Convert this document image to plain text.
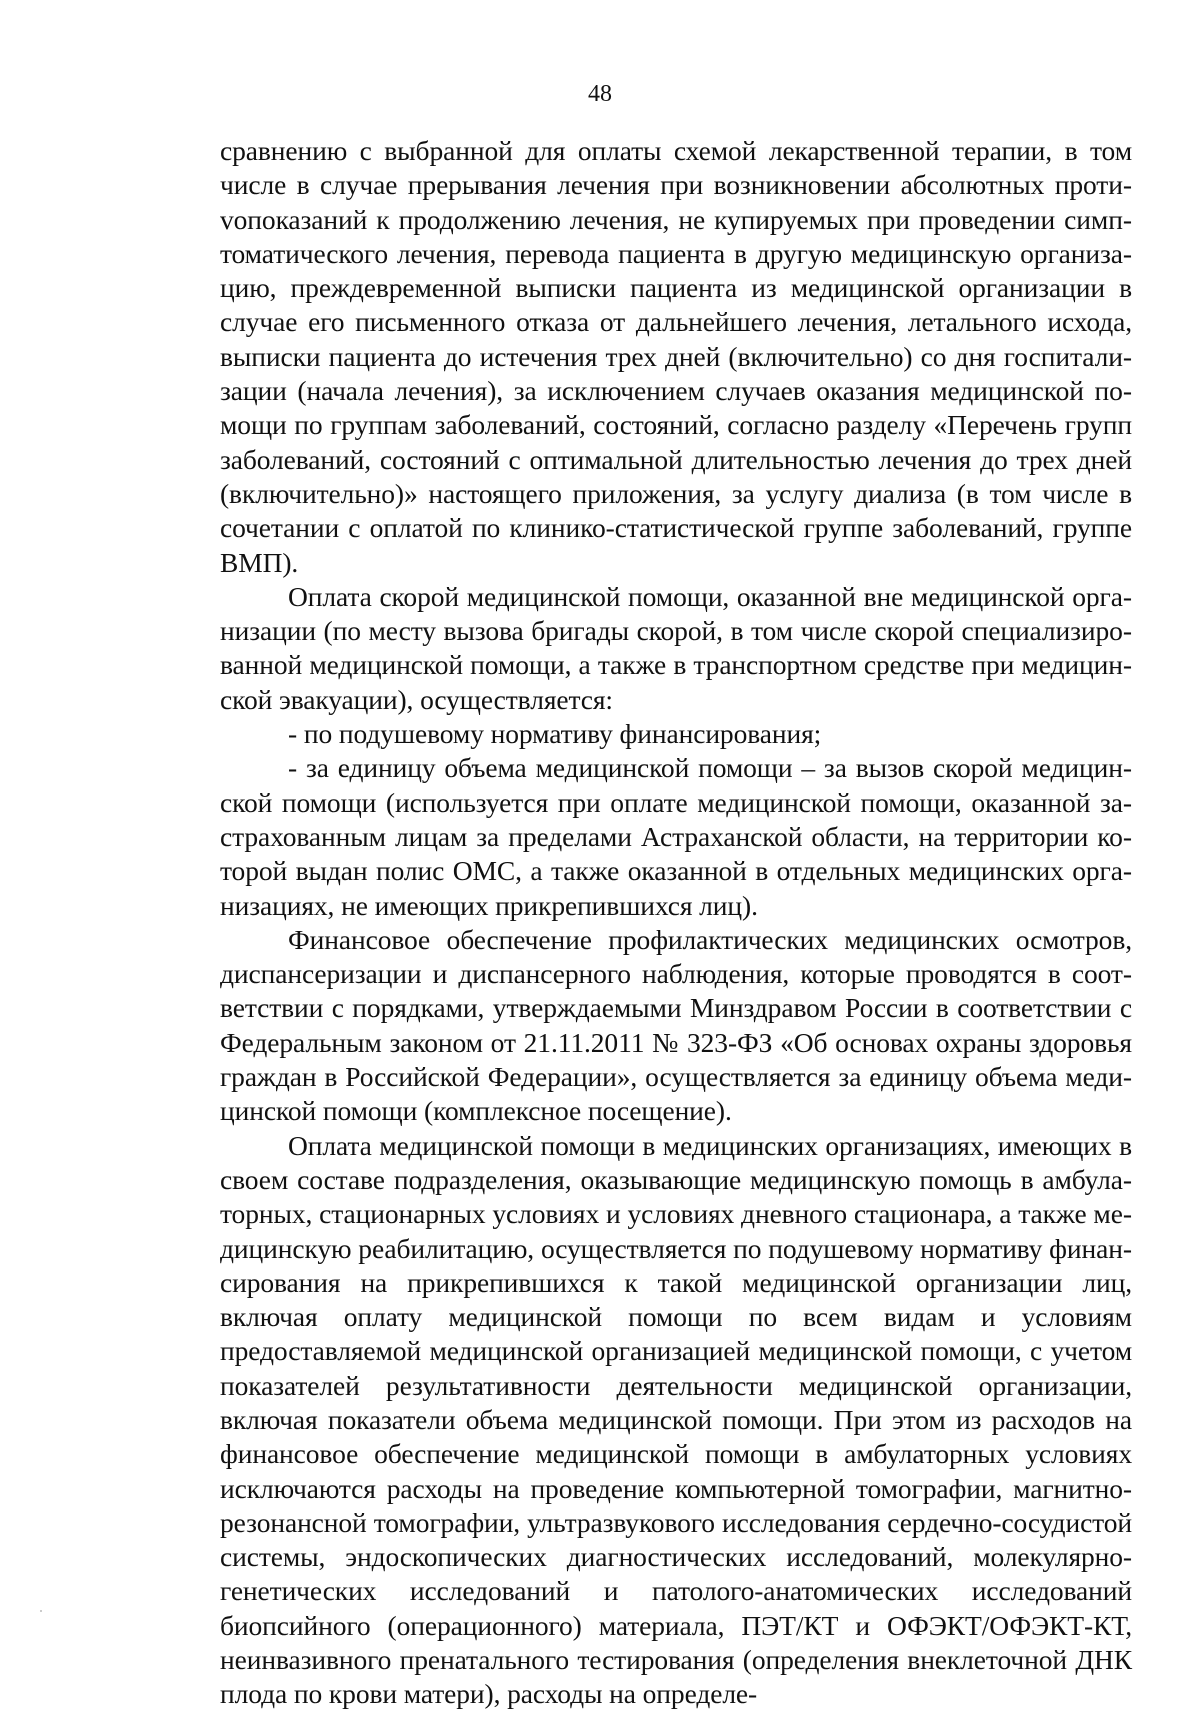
48

сравнению с выбранной для оплаты схемой лекарственной терапии, в том числе в случае прерывания лечения при возникновении абсолютных протиvопоказаний к продолжению лечения, не купируемых при проведении симптоматического лечения, перевода пациента в другую медицинскую организацию, преждевременной выписки пациента из медицинской организации в случае его письменного отказа от дальнейшего лечения, летального исхода, выписки пациента до истечения трех дней (включительно) со дня госпитализации (начала лечения), за исключением случаев оказания медицинской помощи по группам заболеваний, состояний, согласно разделу «Перечень групп заболеваний, состояний с оптимальной длительностью лечения до трех дней (включительно)» настоящего приложения, за услугу диализа (в том числе в сочетании с оплатой по клинико-статистической группе заболеваний, группе ВМП).

Оплата скорой медицинской помощи, оказанной вне медицинской организации (по месту вызова бригады скорой, в том числе скорой специализированной медицинской помощи, а также в транспортном средстве при медицинской эвакуации), осуществляется:

- по подушевому нормативу финансирования;

- за единицу объема медицинской помощи – за вызов скорой медицинской помощи (используется при оплате медицинской помощи, оказанной застрахованным лицам за пределами Астраханской области, на территории которой выдан полис ОМС, а также оказанной в отдельных медицинских организациях, не имеющих прикрепившихся лиц).

Финансовое обеспечение профилактических медицинских осмотров, диспансеризации и диспансерного наблюдения, которые проводятся в соответствии с порядками, утверждаемыми Минздравом России в соответствии с Федеральным законом от 21.11.2011 № 323-ФЗ «Об основах охраны здоровья граждан в Российской Федерации», осуществляется за единицу объема медицинской помощи (комплексное посещение).

Оплата медицинской помощи в медицинских организациях, имеющих в своем составе подразделения, оказывающие медицинскую помощь в амбулаторных, стационарных условиях и условиях дневного стационара, а также медицинскую реабилитацию, осуществляется по подушевому нормативу финансирования на прикрепившихся к такой медицинской организации лиц, включая оплату медицинской помощи по всем видам и условиям предоставляемой медицинской организацией медицинской помощи, с учетом показателей результативности деятельности медицинской организации, включая показатели объема медицинской помощи. При этом из расходов на финансовое обеспечение медицинской помощи в амбулаторных условиях исключаются расходы на проведение компьютерной томографии, магнитно-резонансной томографии, ультразвукового исследования сердечно-сосудистой системы, эндоскопических диагностических исследований, молекулярно-генетических исследований и патолого-анатомических исследований биопсийного (операционного) материала, ПЭТ/КТ и ОФЭКТ/ОФЭКТ-КТ, неинвазивного пренатального тестирования (определения внеклеточной ДНК плода по крови матери), расходы на определе-
